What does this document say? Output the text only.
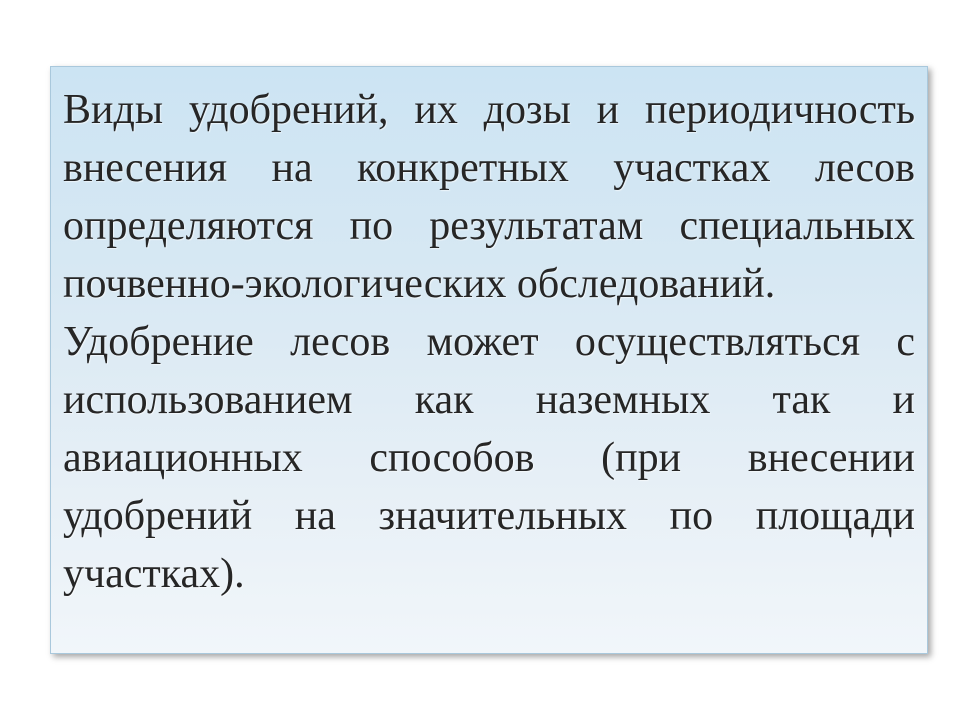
Виды удобрений, их дозы и периодичность внесения на конкретных участках лесов определяются по результатам специальных почвенно-экологических обследований.

Удобрение лесов может осуществляться с использованием как наземных так и авиационных способов (при внесении удобрений на значительных по площади участках).
